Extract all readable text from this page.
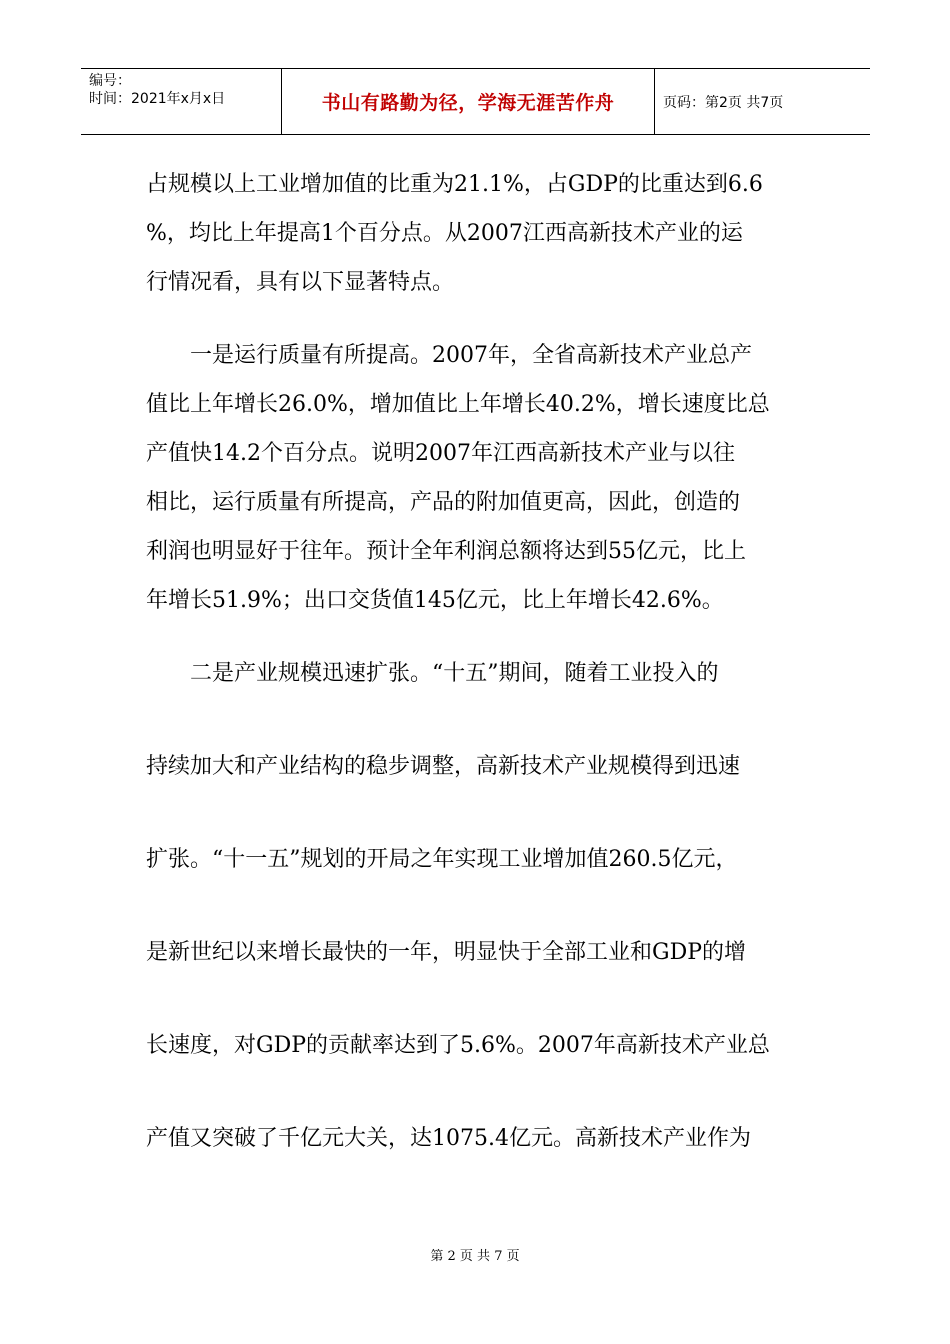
编号：
时间：2021年x月x日	书山有路勤为径，学海无涯苦作舟	页码：第2页 共7页

占规模以上工业增加值的比重为21.1%，占GDP的比重达到6.6
%，均比上年提高1个百分点。从2007江西高新技术产业的运
行情况看，具有以下显著特点。

一是运行质量有所提高。2007年，全省高新技术产业总产
值比上年增长26.0%，增加值比上年增长40.2%，增长速度比总
产值快14.2个百分点。说明2007年江西高新技术产业与以往
相比，运行质量有所提高，产品的附加值更高，因此，创造的
利润也明显好于往年。预计全年利润总额将达到55亿元，比上
年增长51.9%；出口交货值145亿元，比上年增长42.6%。

二是产业规模迅速扩张。“十五”期间，随着工业投入的
持续加大和产业结构的稳步调整，高新技术产业规模得到迅速
扩张。“十一五”规划的开局之年实现工业增加值260.5亿元，
是新世纪以来增长最快的一年，明显快于全部工业和GDP的增
长速度，对GDP的贡献率达到了5.6%。2007年高新技术产业总
产值又突破了千亿元大关，达1075.4亿元。高新技术产业作为

第 2 页 共 7 页
